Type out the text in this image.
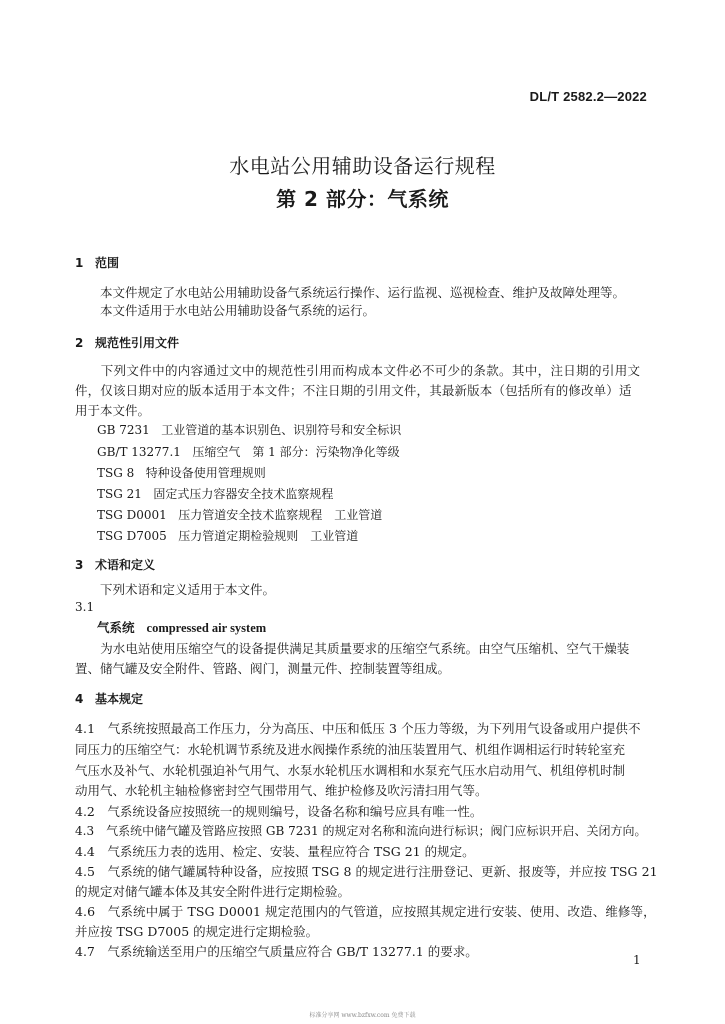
DL/T 2582.2—2022
水电站公用辅助设备运行规程
第 2 部分：气系统
1 范围
　　本文件规定了水电站公用辅助设备气系统运行操作、运行监视、巡视检查、维护及故障处理等。
　　本文件适用于水电站公用辅助设备气系统的运行。
2 规范性引用文件
　　下列文件中的内容通过文中的规范性引用而构成本文件必不可少的条款。其中，注日期的引用文
件，仅该日期对应的版本适用于本文件；不注日期的引用文件，其最新版本（包括所有的修改单）适
用于本文件。
GB 7231 工业管道的基本识别色、识别符号和安全标识
GB/T 13277.1 压缩空气　第 1 部分：污染物净化等级
TSG 8 特种设备使用管理规则
TSG 21 固定式压力容器安全技术监察规程
TSG D0001 压力管道安全技术监察规程　工业管道
TSG D7005 压力管道定期检验规则　工业管道
3 术语和定义
　　下列术语和定义适用于本文件。
3.1
气系统 compressed air system
　　为水电站使用压缩空气的设备提供满足其质量要求的压缩空气系统。由空气压缩机、空气干燥装
置、储气罐及安全附件、管路、阀门，测量元件、控制装置等组成。
4 基本规定
4.1　气系统按照最高工作压力，分为高压、中压和低压 3 个压力等级，为下列用气设备或用户提供不
同压力的压缩空气：水轮机调节系统及进水阀操作系统的油压装置用气、机组作调相运行时转轮室充
气压水及补气、水轮机强迫补气用气、水泵水轮机压水调相和水泵充气压水启动用气、机组停机时制
动用气、水轮机主轴检修密封空气围带用气、维护检修及吹污清扫用气等。
4.2　气系统设备应按照统一的规则编号，设备名称和编号应具有唯一性。
4.3　气系统中储气罐及管路应按照 GB 7231 的规定对名称和流向进行标识；阀门应标识开启、关闭方向。
4.4　气系统压力表的选用、检定、安装、量程应符合 TSG 21 的规定。
4.5　气系统的储气罐属特种设备，应按照 TSG 8 的规定进行注册登记、更新、报废等，并应按 TSG 21
的规定对储气罐本体及其安全附件进行定期检验。
4.6　气系统中属于 TSG D0001 规定范围内的气管道，应按照其规定进行安装、使用、改造、维修等，
并应按 TSG D7005 的规定进行定期检验。
4.7　气系统输送至用户的压缩空气质量应符合 GB/T 13277.1 的要求。
1
标准分享网 www.bzfxw.com 免费下载
